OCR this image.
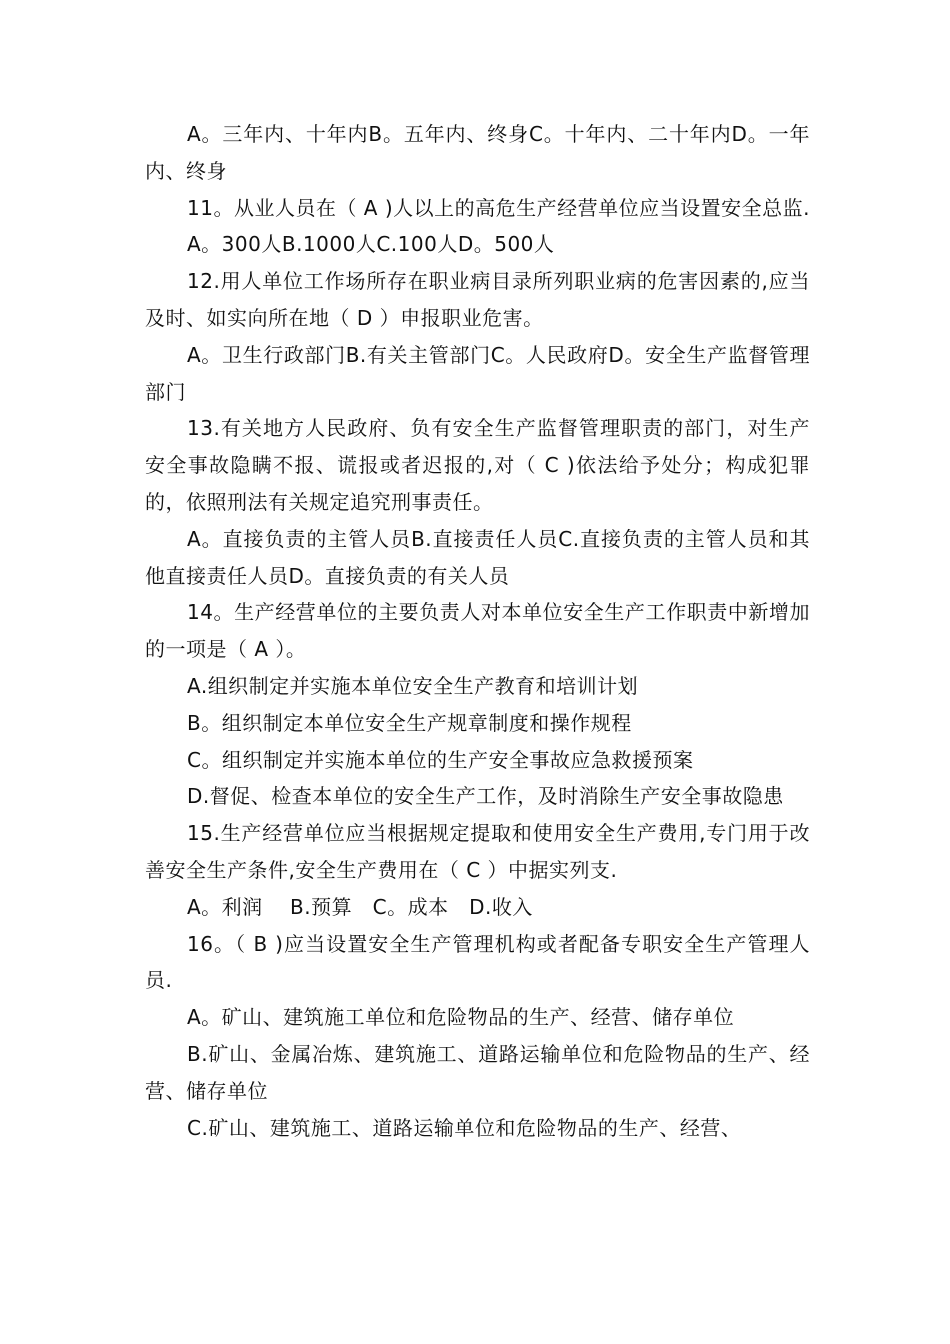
A。三年内、十年内B。五年内、终身C。十年内、二十年内D。一年内、终身

11。从业人员在（ A )人以上的高危生产经营单位应当设置安全总监.

A。300人B.1000人C.100人D。500人

12.用人单位工作场所存在职业病目录所列职业病的危害因素的,应当及时、如实向所在地（ D ）申报职业危害。

A。卫生行政部门B.有关主管部门C。人民政府D。安全生产监督管理部门

13.有关地方人民政府、负有安全生产监督管理职责的部门，对生产安全事故隐瞒不报、谎报或者迟报的,对（ C )依法给予处分；构成犯罪的，依照刑法有关规定追究刑事责任。

A。直接负责的主管人员B.直接责任人员C.直接负责的主管人员和其他直接责任人员D。直接负责的有关人员

14。生产经营单位的主要负责人对本单位安全生产工作职责中新增加的一项是（ A ）。

A.组织制定并实施本单位安全生产教育和培训计划

B。组织制定本单位安全生产规章制度和操作规程

C。组织制定并实施本单位的生产安全事故应急救援预案

D.督促、检查本单位的安全生产工作，及时消除生产安全事故隐患

15.生产经营单位应当根据规定提取和使用安全生产费用,专门用于改善安全生产条件,安全生产费用在（ C ）中据实列支.

A。利润　 B.预算　C。成本　D.收入

16。（ B )应当设置安全生产管理机构或者配备专职安全生产管理人员.

A。矿山、建筑施工单位和危险物品的生产、经营、储存单位

B.矿山、金属冶炼、建筑施工、道路运输单位和危险物品的生产、经营、储存单位

C.矿山、建筑施工、道路运输单位和危险物品的生产、经营、
